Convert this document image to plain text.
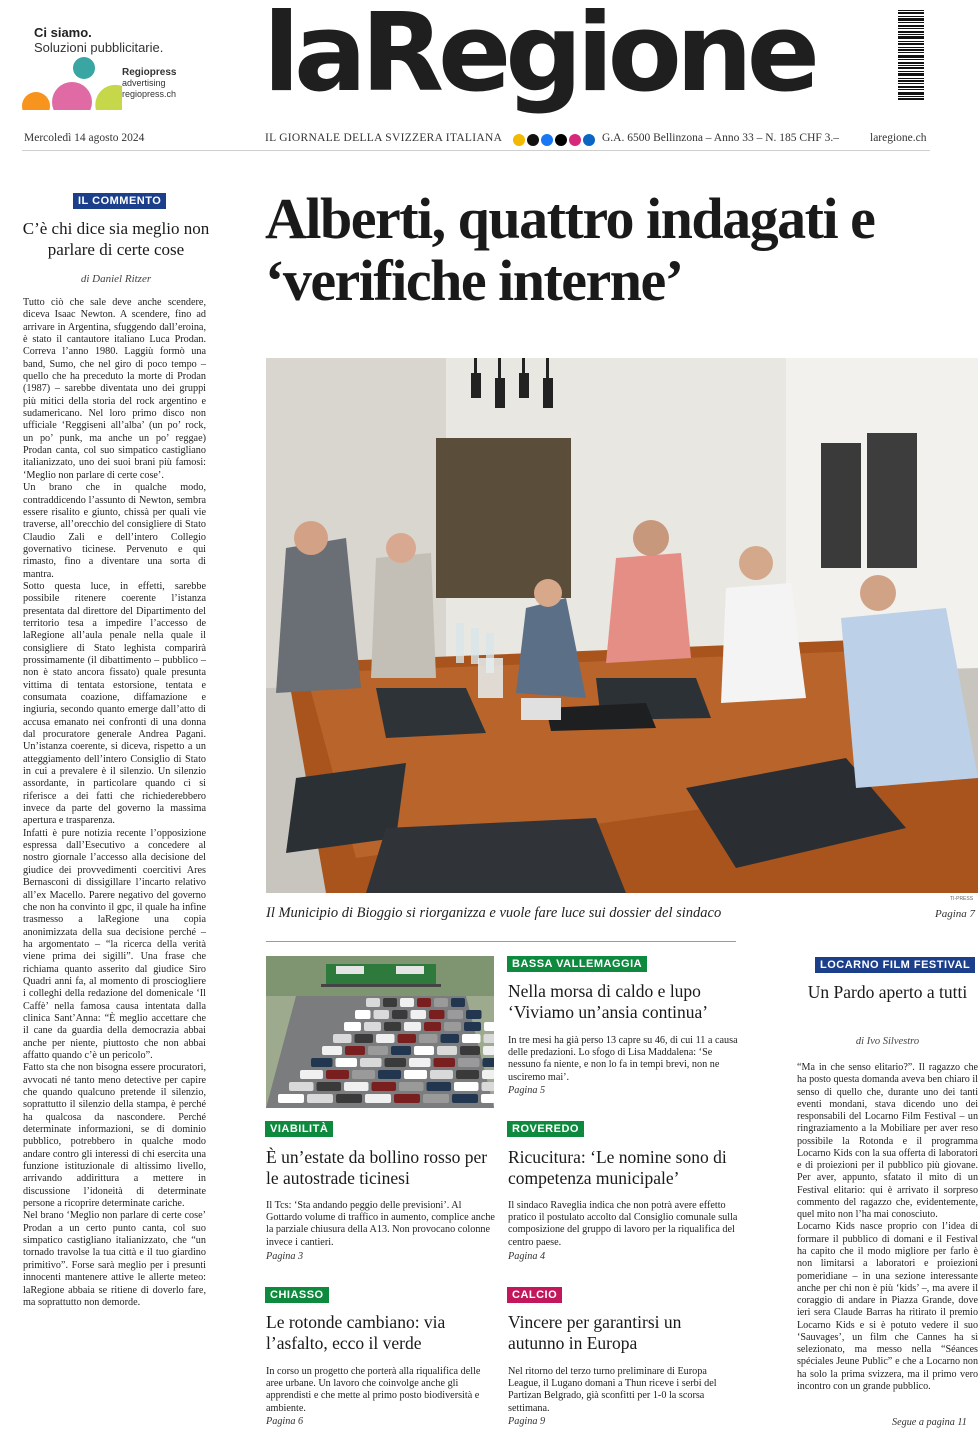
Ci siamo.
Soluzioni pubblicitarie.
Regiopress
advertising
regiopress.ch laRegione
Mercoledì 14 agosto 2024	IL GIORNALE DELLA SVIZZERA ITALIANA	G.A. 6500 Bellinzona – Anno 33 – N. 185 CHF 3.–	laregione.ch
IL COMMENTO
C’è chi dice sia meglio non parlare di certe cose
di Daniel Ritzer
Tutto ciò che sale deve anche scendere, diceva Isaac Newton. A scendere, fino ad arrivare in Argentina, sfuggendo dall’eroina, è stato il cantautore italiano Luca Prodan. Correva l’anno 1980. Laggiù formò una band, Sumo, che nel giro di poco tempo – quello che ha preceduto la morte di Prodan (1987) – sarebbe diventata uno dei gruppi più mitici della storia del rock argentino e sudamericano. Nel loro primo disco non ufficiale ‘Reggiseni all’alba’ (un po’ rock, un po’ punk, ma anche un po’ reggae) Prodan canta, col suo simpatico castigliano italianizzato, uno dei suoi brani più famosi: ‘Meglio non parlare di certe cose’.
Un brano che in qualche modo, contraddicendo l’assunto di Newton, sembra essere risalito e giunto, chissà per quali vie traverse, all’orecchio del consigliere di Stato Claudio Zali e dell’intero Collegio governativo ticinese. Pervenuto e qui rimasto, fino a diventare una sorta di mantra.
Sotto questa luce, in effetti, sarebbe possibile ritenere coerente l’istanza presentata dal direttore del Dipartimento del territorio tesa a impedire l’accesso de laRegione all’aula penale nella quale il consigliere di Stato leghista comparirà prossimamente (il dibattimento – pubblico – non è stato ancora fissato) quale presunta vittima di tentata estorsione, tentata e consumata coazione, diffamazione e ingiuria, secondo quanto emerge dall’atto di accusa emanato nei confronti di una donna dal procuratore generale Andrea Pagani. Un’istanza coerente, si diceva, rispetto a un atteggiamento dell’intero Consiglio di Stato in cui a prevalere è il silenzio. Un silenzio assordante, in particolare quando ci si riferisce a dei fatti che richiederebbero invece da parte del governo la massima apertura e trasparenza.
Infatti è pure notizia recente l’opposizione espressa dall’Esecutivo a concedere al nostro giornale l’accesso alla decisione del giudice dei provvedimenti coercitivi Ares Bernasconi di dissigillare l’incarto relativo all’ex Macello. Parere negativo del governo che non ha convinto il gpc, il quale ha infine trasmesso a laRegione una copia anonimizzata della sua decisione perché – ha argomentato – “la ricerca della verità viene prima dei sigilli”. Una frase che richiama quanto asserito dal giudice Siro Quadri anni fa, al momento di prosciogliere i colleghi della redazione del domenicale ‘Il Caffè’ nella famosa causa intentata dalla clinica Sant’Anna: “È meglio accettare che il cane da guardia della democrazia abbai anche per niente, piuttosto che non abbai affatto quando c’è un pericolo”.
Fatto sta che non bisogna essere procuratori, avvocati né tanto meno detective per capire che quando qualcuno pretende il silenzio, soprattutto il silenzio della stampa, è perché ha qualcosa da nascondere. Perché determinate informazioni, se di dominio pubblico, potrebbero in qualche modo andare contro gli interessi di chi esercita una funzione istituzionale di altissimo livello, arrivando addirittura a mettere in discussione l’idoneità di determinate persone a ricoprire determinate cariche.
Nel brano ‘Meglio non parlare di certe cose’ Prodan a un certo punto canta, col suo simpatico castigliano italianizzato, che “un tornado travolse la tua città e il tuo giardino primitivo”. Forse sarà meglio per i presunti innocenti mantenere attive le allerte meteo: laRegione abbaia se ritiene di doverlo fare, ma soprattutto non demorde.
Alberti, quattro indagati e ‘verifiche interne’
TI-PRESS
Il Municipio di Bioggio si riorganizza e vuole fare luce sui dossier del sindaco	Pagina 7
BASSA VALLEMAGGIA
Nella morsa di caldo e lupo ‘Viviamo un’ansia continua’
In tre mesi ha già perso 13 capre su 46, di cui 11 a causa delle predazioni. Lo sfogo di Lisa Maddalena: ‘Se nessuno fa niente, e non lo fa in tempi brevi, non ne usciremo mai’.
Pagina 5
VIABILITÀ
È un’estate da bollino rosso per le autostrade ticinesi
Il Tcs: ‘Sta andando peggio delle previsioni’. Al Gottardo volume di traffico in aumento, complice anche la parziale chiusura della A13. Non provocano colonne invece i cantieri.
Pagina 3
ROVEREDO
Ricucitura: ‘Le nomine sono di competenza municipale’
Il sindaco Raveglia indica che non potrà avere effetto pratico il postulato accolto dal Consiglio comunale sulla composizione del gruppo di lavoro per la riqualifica del centro paese.
Pagina 4
CHIASSO
Le rotonde cambiano: via l’asfalto, ecco il verde
In corso un progetto che porterà alla riqualifica delle aree urbane. Un lavoro che coinvolge anche gli apprendisti e che mette al primo posto biodiversità e ambiente.
Pagina 6
CALCIO
Vincere per garantirsi un autunno in Europa
Nel ritorno del terzo turno preliminare di Europa League, il Lugano domani a Thun riceve i serbi del Partizan Belgrado, già sconfitti per 1-0 la scorsa settimana.
Pagina 9
LOCARNO FILM FESTIVAL
Un Pardo aperto a tutti
di Ivo Silvestro
“Ma in che senso elitario?”. Il ragazzo che ha posto questa domanda aveva ben chiaro il senso di quello che, durante uno dei tanti eventi mondani, stava dicendo uno dei responsabili del Locarno Film Festival – un ringraziamento a la Mobiliare per aver reso possibile la Rotonda e il programma Locarno Kids con la sua offerta di laboratori e di proiezioni per il pubblico più giovane. Per aver, appunto, sfatato il mito di un Festival elitario: qui è arrivato il sorpreso commento del ragazzo che, evidentemente, quel mito non l’ha mai conosciuto.
Locarno Kids nasce proprio con l’idea di formare il pubblico di domani e il Festival ha capito che il modo migliore per farlo è non limitarsi a laboratori e proiezioni pomeridiane – in una sezione interessante anche per chi non è più ‘kids’ –, ma avere il coraggio di andare in Piazza Grande, dove ieri sera Claude Barras ha ritirato il premio Locarno Kids e si è potuto vedere il suo ‘Sauvages’, un film che Cannes ha sì selezionato, ma messo nella “Séances spéciales Jeune Public” e che a Locarno non ha solo la prima svizzera, ma il primo vero incontro con un grande pubblico.
Segue a pagina 11
